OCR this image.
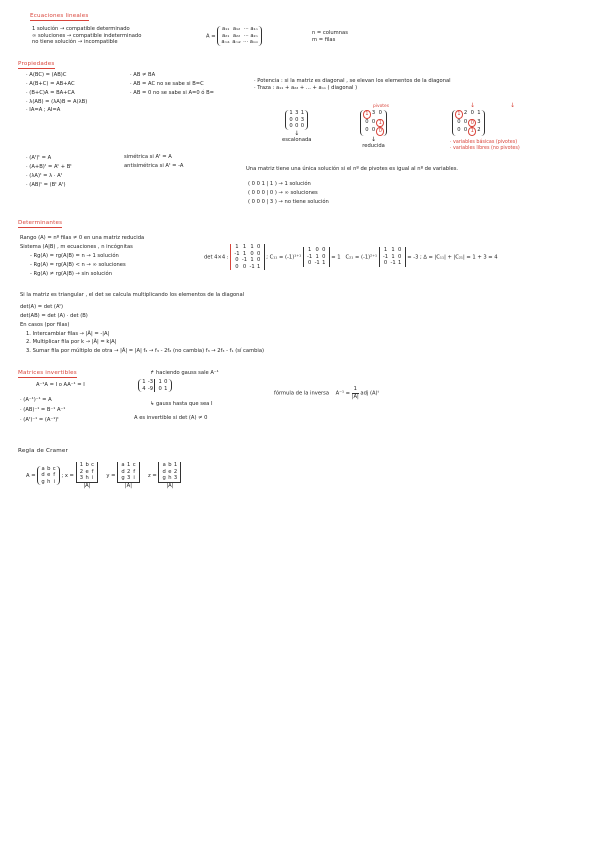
Ecuaciones lineales
1 solución → compatible determinado
∞ soluciones → compatible indeterminado
no tiene solución → incompatible
A =
a₁₁ a₁₂ ··· a₁ₙ
a₂₁ a₂₂ ··· a₂ₙ
aₘ₁ aₘ₂ ··· aₘₙ
n = columnas
m = filas
Propiedades
· A(BC) = (AB)C
· A(B+C) = AB+AC
· (B+C)A = BA+CA
· λ(AB) = (λA)B = A(λB)
· IA=A ; AI=A
· AB ≠ BA
· AB = AC no se sabe si B=C
· AB = 0 no se sabe si A=0 ó B=
· Potencia : si la matriz es diagonal , se elevan los elementos de la diagonal
· Traza : a₁₁ + a₂₂ + ... + aₙₙ ( diagonal )
1 3 1
0 0 3
0 0 0
↓
escalonada
pivotes
1 3 0
0 0 1
0 0 0
↓
reducida
↓	↓
1 2 0 1
0 0 0 3
0 0 1 2
· variables básicas (pivotes)
· variables libres (no pivotes)
· (Aᵗ)ᵗ = A
· (A+B)ᵗ = Aᵗ + Bᵗ
· (λA)ᵗ = λ · Aᵗ
· (AB)ᵗ = (Bᵗ Aᵗ)
simétrica si Aᵗ = A
antisimétrica si Aᵗ = -A	Una matriz tiene una única solución si el nº de pivotes es igual al nº de variables.
( 0 0 1 | 1 ) → 1 solución
( 0 0 0 | 0 ) → ∞ soluciones
( 0 0 0 | 3 ) → no tiene solución
Determinantes
Rango (A) = nº filas ≠ 0 en una matriz reducida
Sistema (A|B) , m ecuaciones , n incógnitas
- Rg(A) = rg(A|B) = n → 1 solución
- Rg(A) = rg(A|B) < n → ∞ soluciones
- Rg(A) ≠ rg(A|B) → sin solución
det 4×4 :
1 1 1 0
-1 1 0 0
0 -1 1 0
0 0 -1 1
; C₁₁ = (-1)¹⁺¹
1 0 0
-1 1 0
0 -1 1
= 1 C₂₁ = (-1)²⁺¹
1 1 0
-1 1 0
0 -1 1
= -3 ; ∆ = |C₁₁| + |C₂₁| = 1 + 3 = 4
Si la matriz es triangular , el det se calcula multiplicando los elementos de la diagonal
det(A) = det (Aᵗ)
det(AB) = det (A) · det (B)
En casos (por filas)
1. Intercambiar filas → |Ã| = -|A|
2. Multiplicar fila por k → |Ã| = k|A|
3. Sumar fila por múltiplo de otra → |Ã| = |A| f₃ → f₃ - 2f₂ (no cambia) f₃ → 2f₃ - f₁ (sí cambia)
Matrices invertibles
A⁻¹A = I o AA⁻¹ = I
· (A⁻¹)⁻¹ = A
· (AB)⁻¹ = B⁻¹ A⁻¹
· (Aᵗ)⁻¹ = (A⁻¹)ᵗ
↱ haciendo gauss sale A⁻¹
1 -3 1 0
4 -9 0 1
↳ gauss hasta que sea I
fórmula de la inversa $A^{-1} = \frac{1}{|A|}$ adj (A)ᵗ
A es invertible si det (A) ≠ 0
Regla de Cramer
A =
a b c
d e f
g h i
; x =
1 b c
2 e f
3 h i
|A|
y =
a 1 c
d 2 f
g 3 i
|A|
z =
a b 1
d e 2
g h 3
|A|
